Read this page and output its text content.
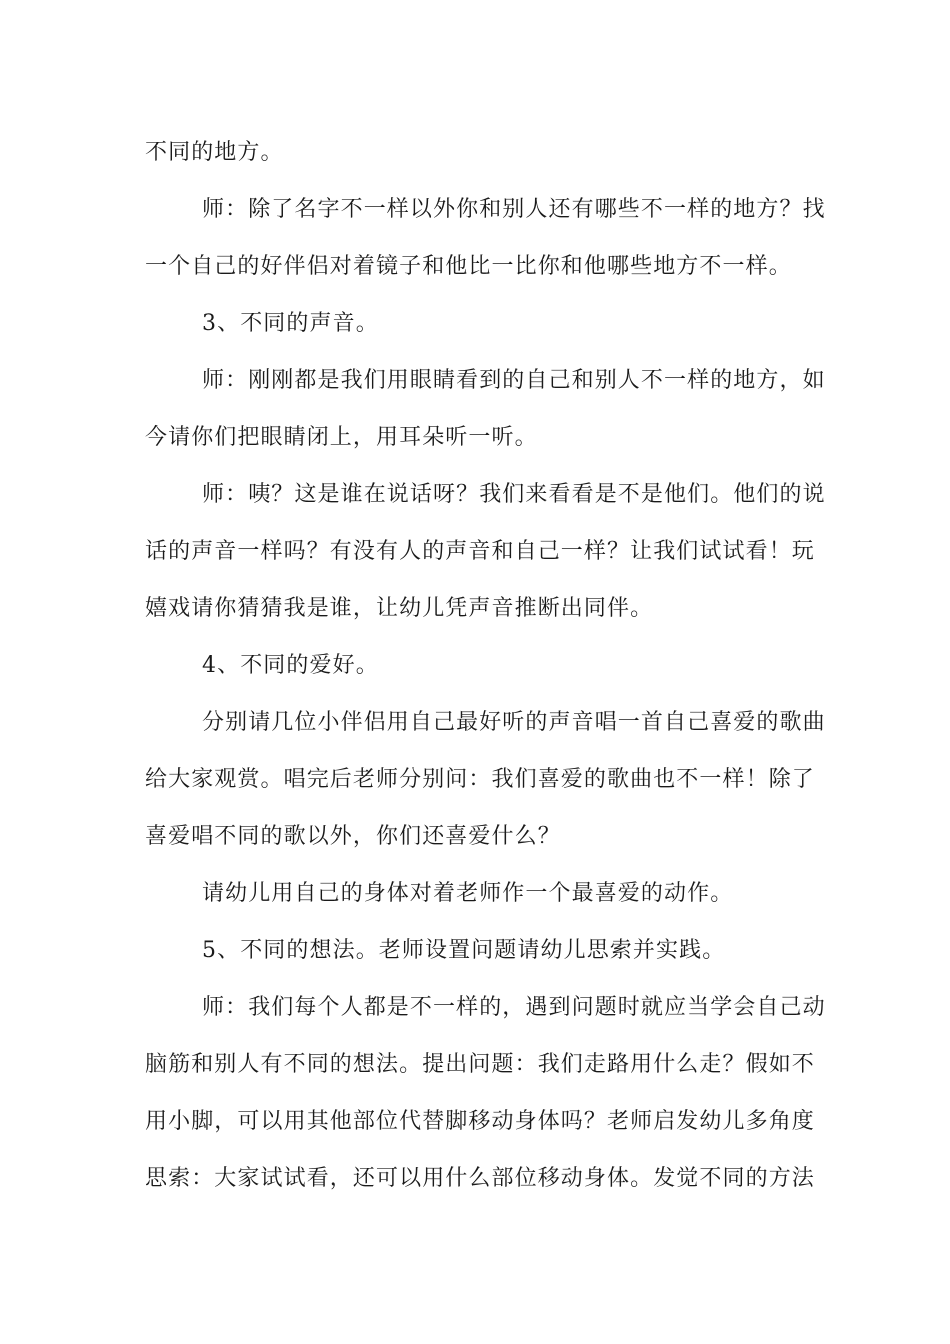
不同的地方。
师：除了名字不一样以外你和别人还有哪些不一样的地方？找
一个自己的好伴侣对着镜子和他比一比你和他哪些地方不一样。
3、不同的声音。
师：刚刚都是我们用眼睛看到的自己和别人不一样的地方，如
今请你们把眼睛闭上，用耳朵听一听。
师：咦？这是谁在说话呀？我们来看看是不是他们。他们的说
话的声音一样吗？有没有人的声音和自己一样？让我们试试看！玩
嬉戏请你猜猜我是谁，让幼儿凭声音推断出同伴。
4、不同的爱好。
分别请几位小伴侣用自己最好听的声音唱一首自己喜爱的歌曲
给大家观赏。唱完后老师分别问：我们喜爱的歌曲也不一样！除了
喜爱唱不同的歌以外，你们还喜爱什么？
请幼儿用自己的身体对着老师作一个最喜爱的动作。
5、不同的想法。老师设置问题请幼儿思索并实践。
师：我们每个人都是不一样的，遇到问题时就应当学会自己动
脑筋和别人有不同的想法。提出问题：我们走路用什么走？假如不
用小脚，可以用其他部位代替脚移动身体吗？老师启发幼儿多角度
思索：大家试试看，还可以用什么部位移动身体。发觉不同的方法
